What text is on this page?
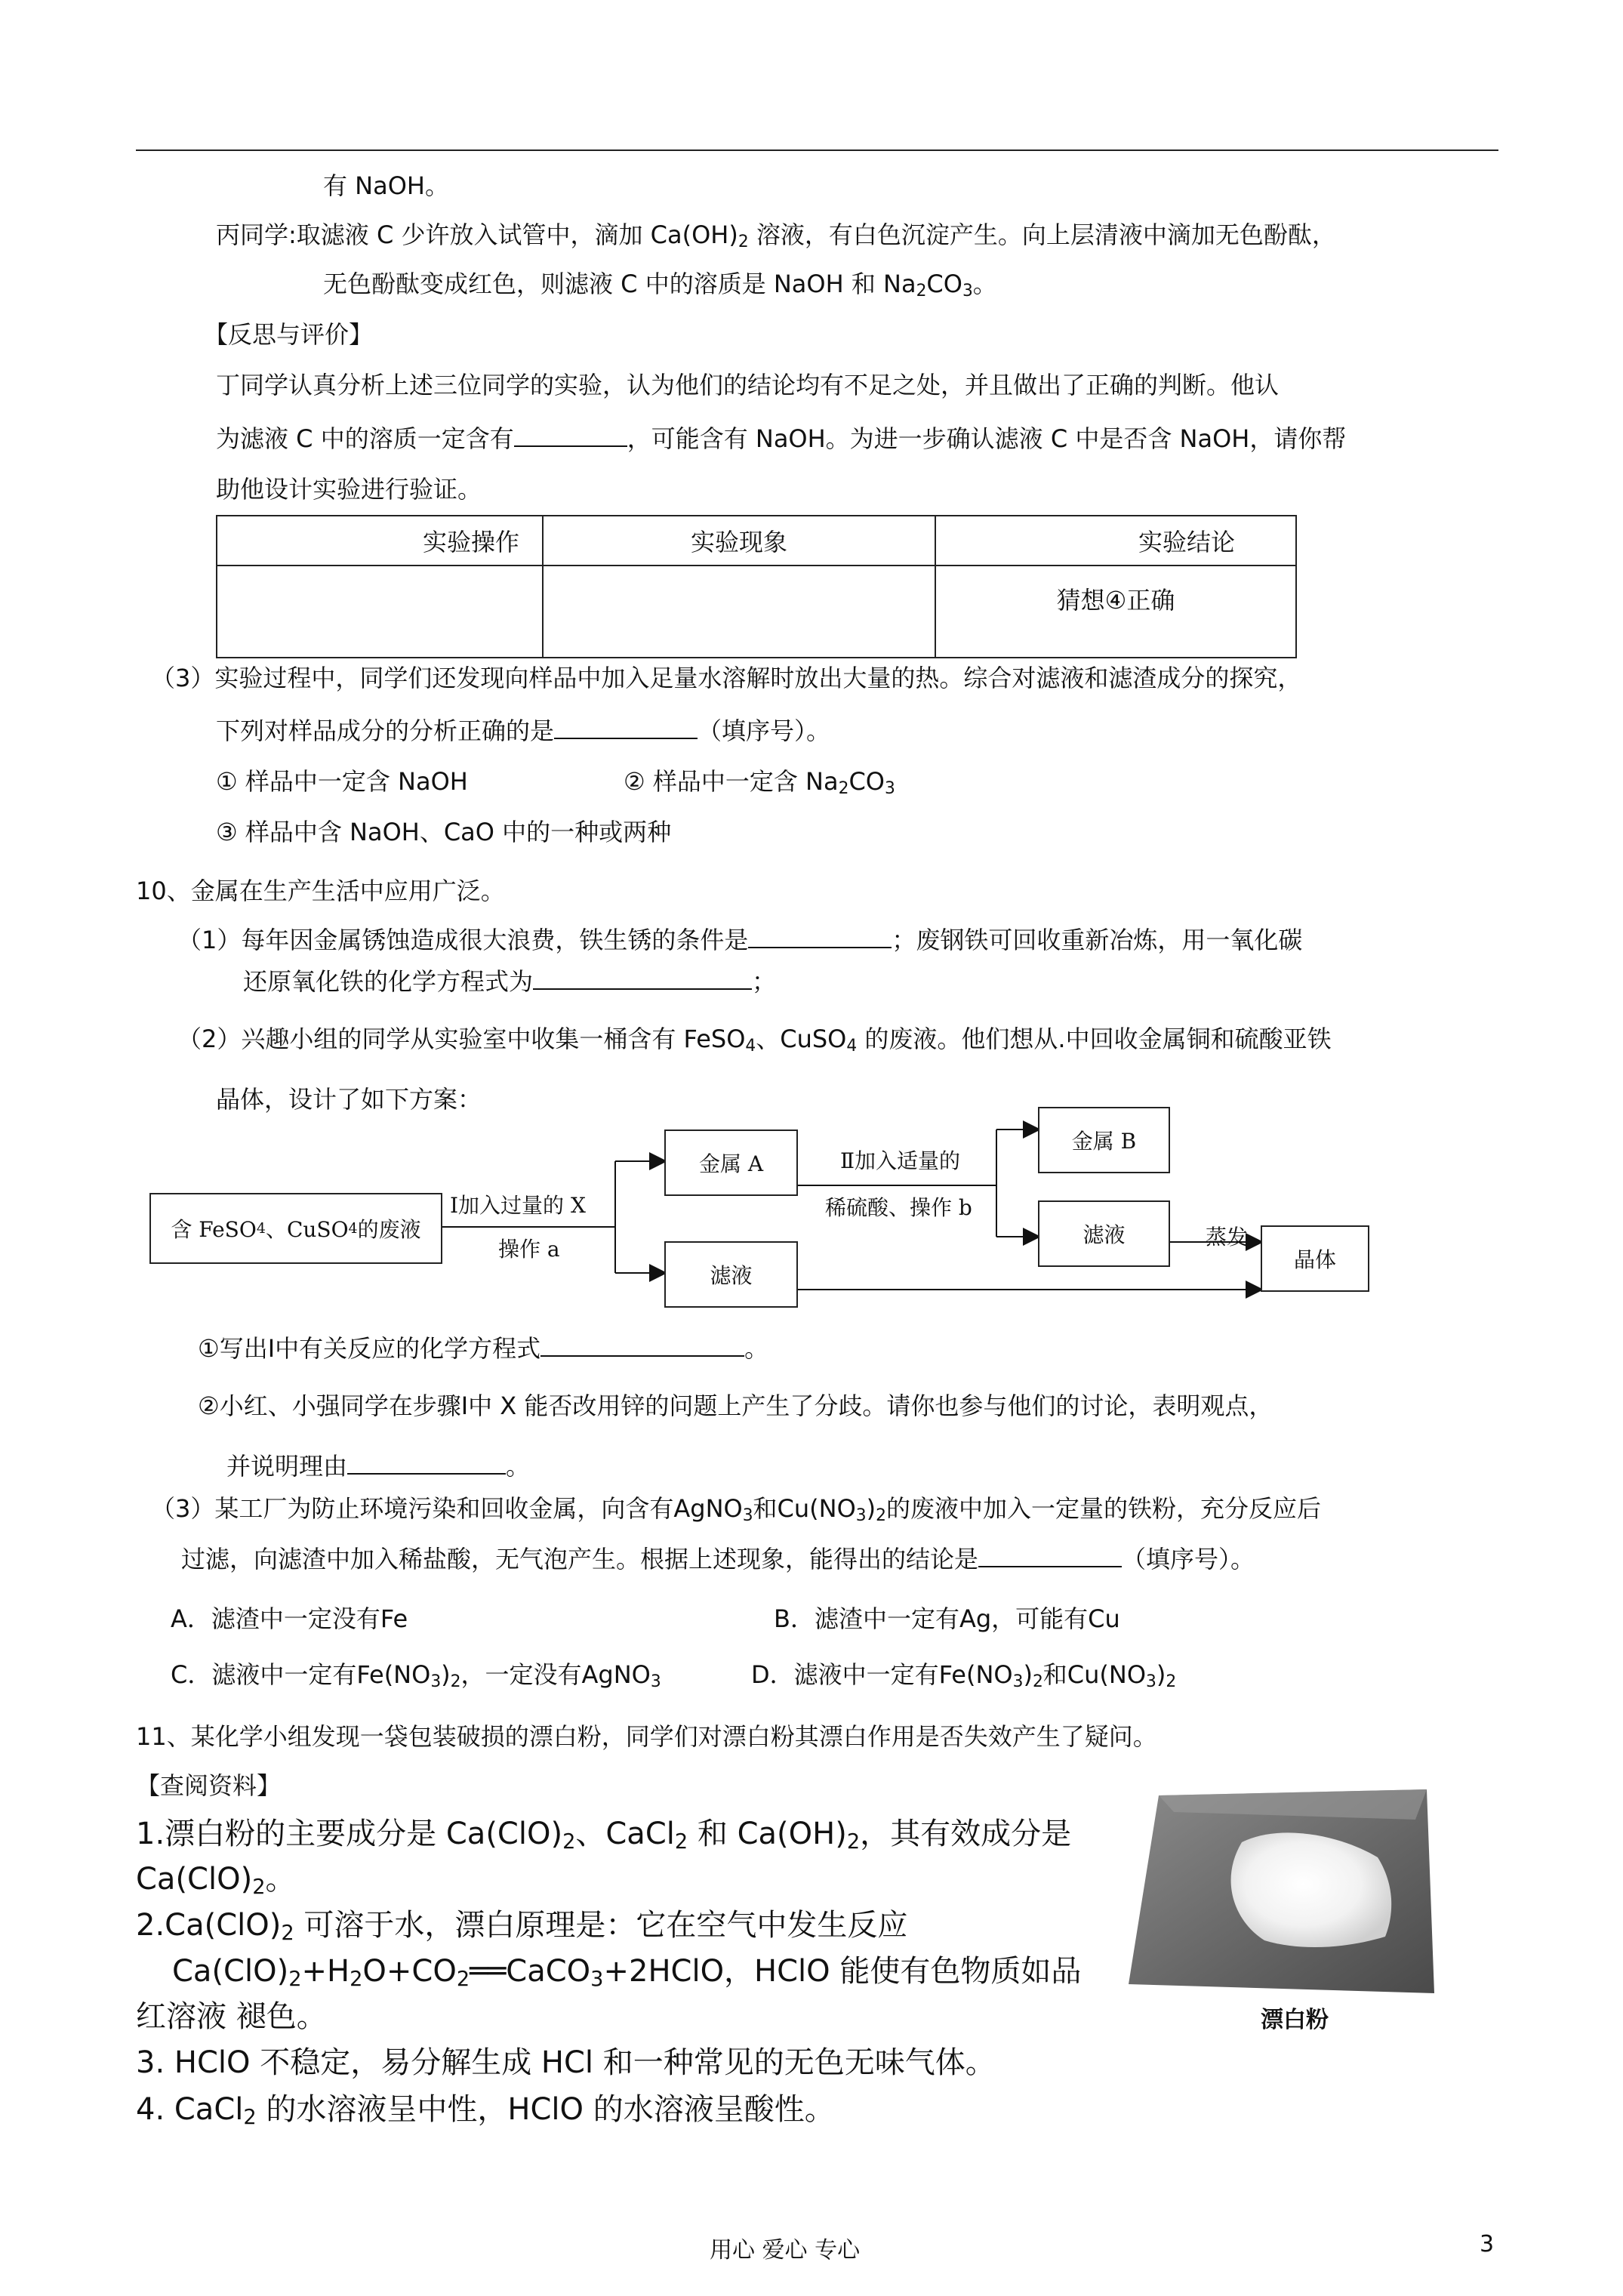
有 NaOH。
丙同学:取滤液 C 少许放入试管中，滴加 $Ca(OH)_2$ 溶液，有白色沉淀产生。向上层清液中滴加无色酚酞，
无色酚酞变成红色，则滤液 C 中的溶质是 NaOH 和 $Na_2CO_3$。
【反思与评价】
丁同学认真分析上述三位同学的实验，认为他们的结论均有不足之处，并且做出了正确的判断。他认
为滤液 C 中的溶质一定含有	，可能含有 NaOH。为进一步确认滤液 C 中是否含 NaOH，请你帮
助他设计实验进行验证。
实验操作	实验现象	实验结论
		猜想④正确
（3）实验过程中，同学们还发现向样品中加入足量水溶解时放出大量的热。综合对滤液和滤渣成分的探究，
下列对样品成分的分析正确的是	（填序号）。
① 样品中一定含 NaOH	② 样品中一定含 $Na_2CO_3$
③ 样品中含 NaOH、CaO 中的一种或两种
10、金属在生产生活中应用广泛。
（1）每年因金属锈蚀造成很大浪费，铁生锈的条件是	；废钢铁可回收重新冶炼，用一氧化碳
还原氧化铁的化学方程式为	；
（2）兴趣小组的同学从实验室中收集一桶含有 FeSO$_4$、CuSO$_4$ 的废液。他们想从.中回收金属铜和硫酸亚铁
晶体，设计了如下方案：
含 FeSO 4 、CuSO 4 的废液
金属 A
滤液
金属 B
滤液
晶体
Ⅰ加入过量的 X
操作 a
Ⅱ加入适量的
稀硫酸、操作 b
蒸发
①写出Ⅰ中有关反应的化学方程式	。
②小红、小强同学在步骤Ⅰ中 X 能否改用锌的问题上产生了分歧。请你也参与他们的讨论，表明观点，
并说明理由	。
（3）某工厂为防止环境污染和回收金属，向含有AgNO$_3$和$Cu(NO_3)_2$的废液中加入一定量的铁粉，充分反应后
过滤，向滤渣中加入稀盐酸，无气泡产生。根据上述现象，能得出的结论是	（填序号）。
A．滤渣中一定没有Fe	B．滤渣中一定有Ag，可能有Cu
C．滤液中一定有$Fe(NO_3)_2$，一定没有AgNO$_3$	D．滤液中一定有$Fe(NO_3)_2$和$Cu(NO_3)_2$
11、某化学小组发现一袋包装破损的漂白粉，同学们对漂白粉其漂白作用是否失效产生了疑问。
【查阅资料】
1.漂白粉的主要成分是 $Ca(ClO)_2$、CaCl$_2$ 和 $Ca(OH)_2$，其有效成分是
$Ca(ClO)_2$。
$2.Ca(ClO)_2$ 可溶于水，漂白原理是：它在空气中发生反应
$Ca(ClO)_2+H_2O+CO_2══CaCO_3+2HClO$，HClO 能使有色物质如品
红溶液 褪色。
3. HClO 不稳定，易分解生成 HCl 和一种常见的无色无味气体。
4. CaCl$_2$ 的水溶液呈中性，HClO 的水溶液呈酸性。
漂白粉
用心 爱心 专心	3
